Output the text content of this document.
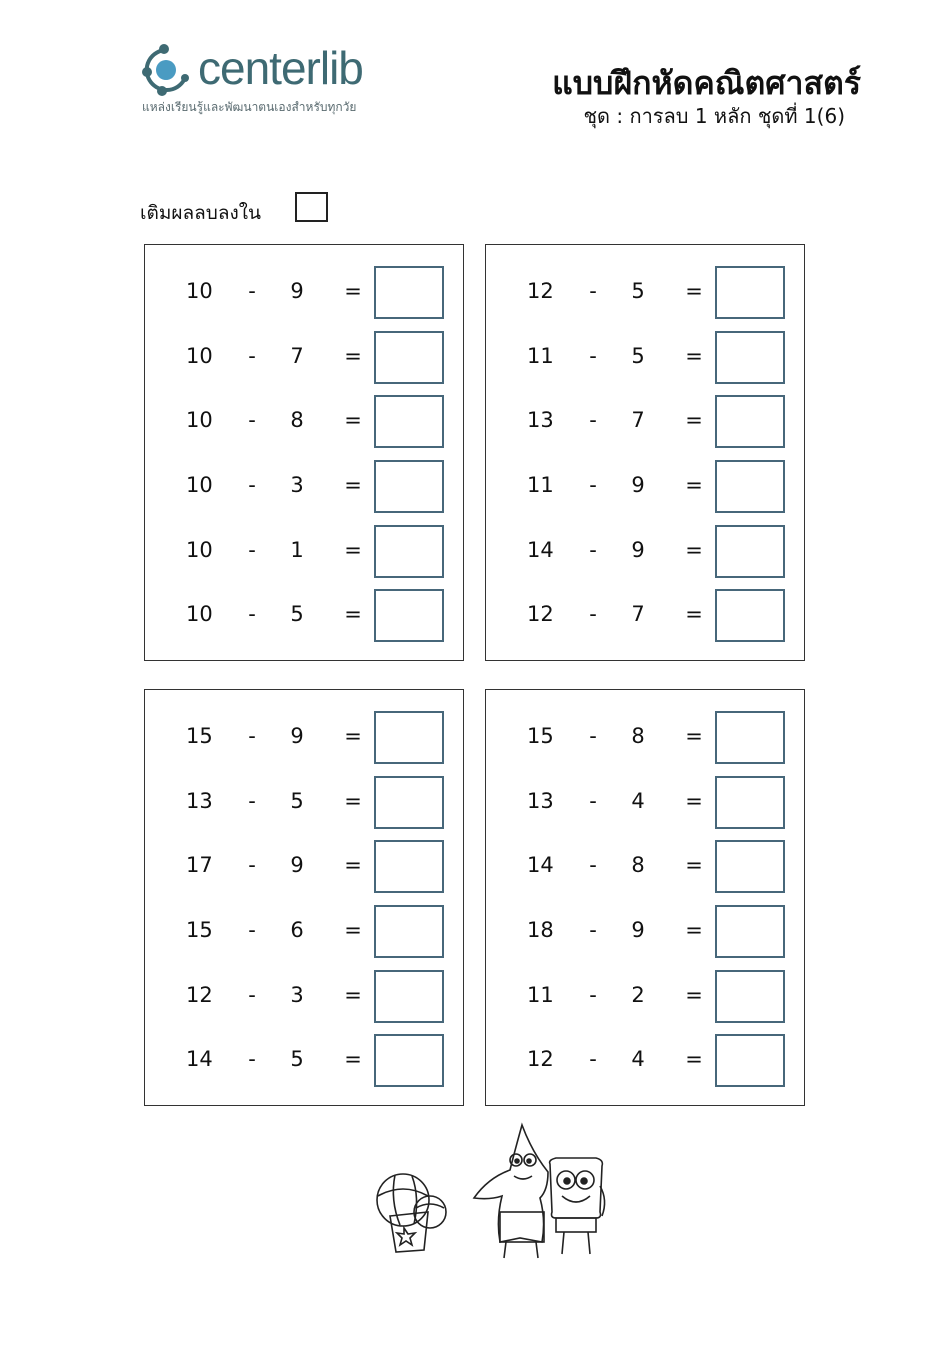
centerlib
แหล่งเรียนรู้และพัฒนาตนเองสำหรับทุกวัย
แบบฝึกหัดคณิตศาสตร์
ชุด : การลบ 1 หลัก ชุดที่ 1(6)
เติมผลลบลงใน
10	- 9 =
10	- 7 =
10	- 8 =
10	- 3 =
10	- 1 =
10	- 5 =
12	- 5 =
11	- 5 =
13	- 7 =
11	- 9 =
14	- 9 =
12	- 7 =
15	- 9 =
13	- 5 =
17	- 9 =
15	- 6 =
12	- 3 =
14	- 5 =
15	- 8 =
13	- 4 =
14	- 8 =
18	- 9 =
11	- 2 =
12	- 4 =
